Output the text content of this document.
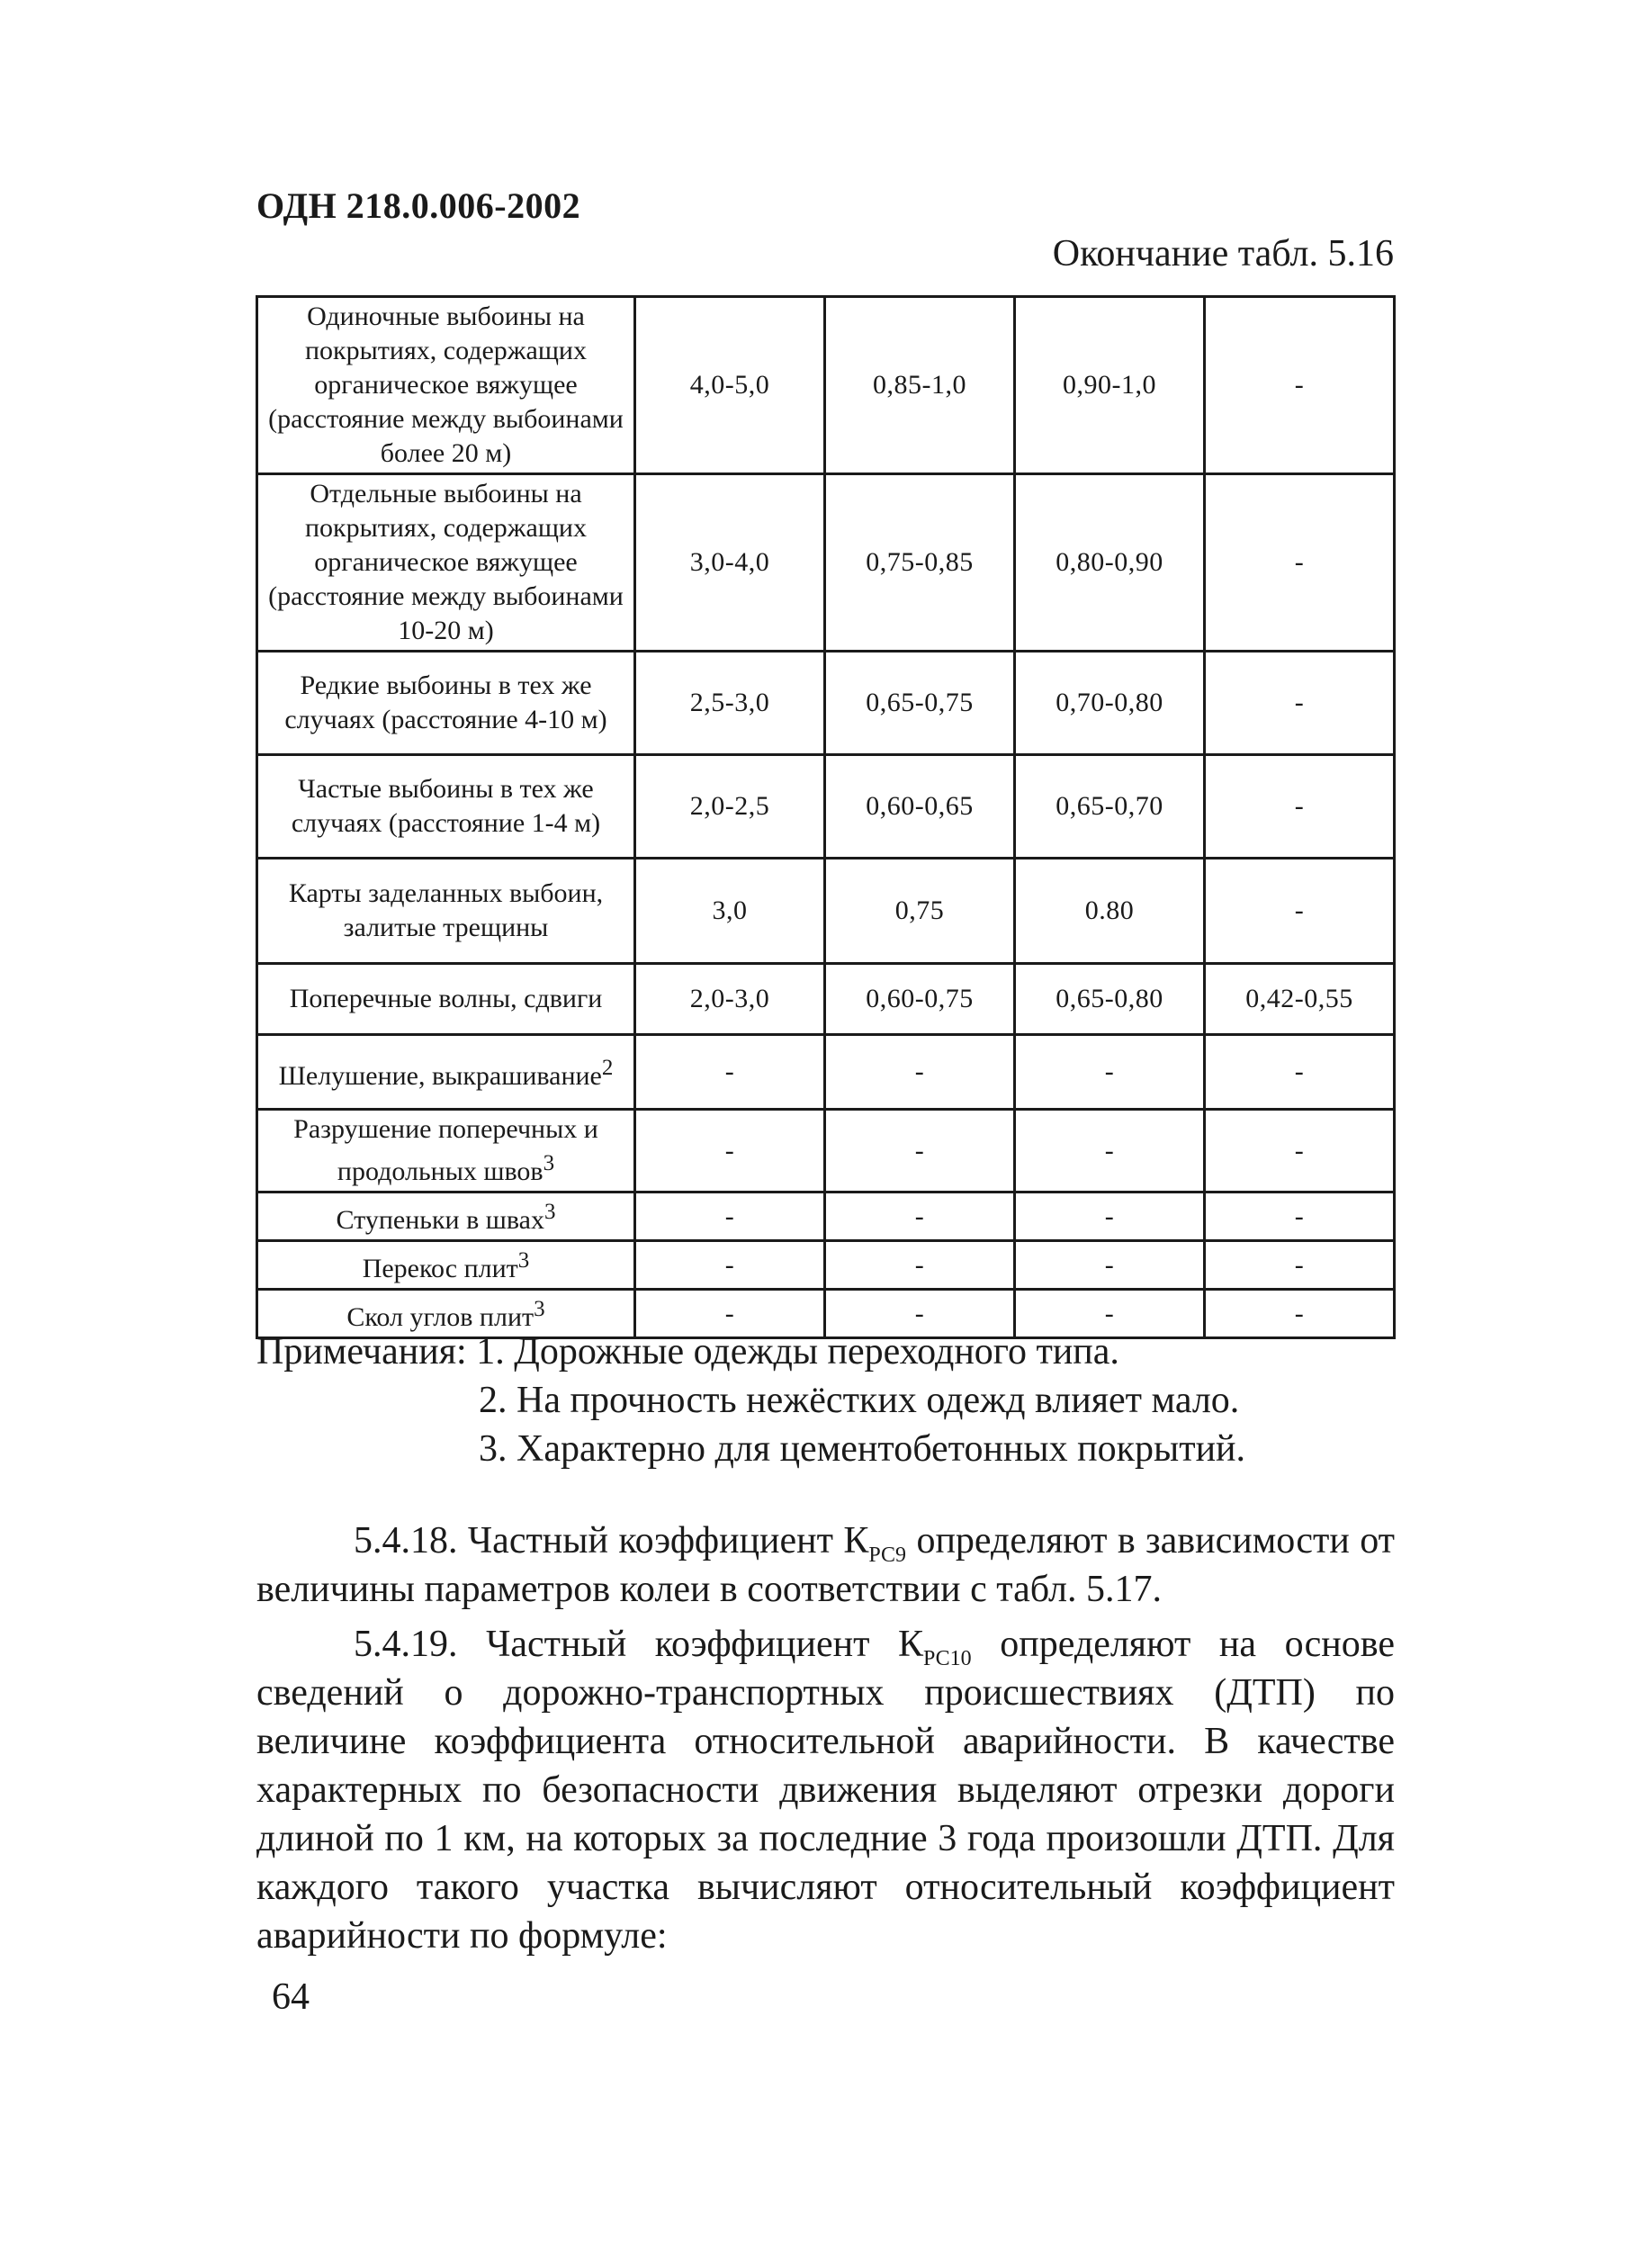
ОДН 218.0.006-2002
Окончание табл. 5.16
Одиночные выбоины на покрытиях, содержащих органическое вяжущее (расстояние между выбоинами более 20 м)	4,0-5,0	0,85-1,0	0,90-1,0	-
Отдельные выбоины на покрытиях, содержащих органическое вяжущее (расстояние между выбоинами 10-20 м)	3,0-4,0	0,75-0,85	0,80-0,90	-
Редкие выбоины в тех же случаях (расстояние 4-10 м)	2,5-3,0	0,65-0,75	0,70-0,80	-
Частые выбоины в тех же случаях (расстояние 1-4 м)	2,0-2,5	0,60-0,65	0,65-0,70	-
Карты заделанных выбоин, залитые трещины	3,0	0,75	0.80	-
Поперечные волны, сдвиги	2,0-3,0	0,60-0,75	0,65-0,80	0,42-0,55
Шелушение, выкрашивание$^2$	-	-	-	-
Разрушение поперечных и продольных швов$^3$	-	-	-	-
Ступеньки в швах$^3$	-	-	-	-
Перекос плит$^3$	-	-	-	-
Скол углов плит$^3$	-	-	-	-
Примечания: 1. Дорожные одежды переходного типа.
2. На прочность нежёстких одежд влияет мало.
3. Характерно для цементобетонных покрытий.
5.4.18. Частный коэффициент $К_{РС9}$ определяют в зависимости от величины параметров колеи в соответствии с табл. 5.17.
5.4.19. Частный коэффициент $К_{РС10}$ определяют на основе сведений о дорожно-транспортных происшествиях (ДТП) по величине коэффициента относительной аварийности. В качестве характерных по безопасности движения выделяют отрезки дороги длиной по 1 км, на которых за последние 3 года произошли ДТП. Для каждого такого участка вычисляют относительный коэффициент аварийности по формуле:
64
